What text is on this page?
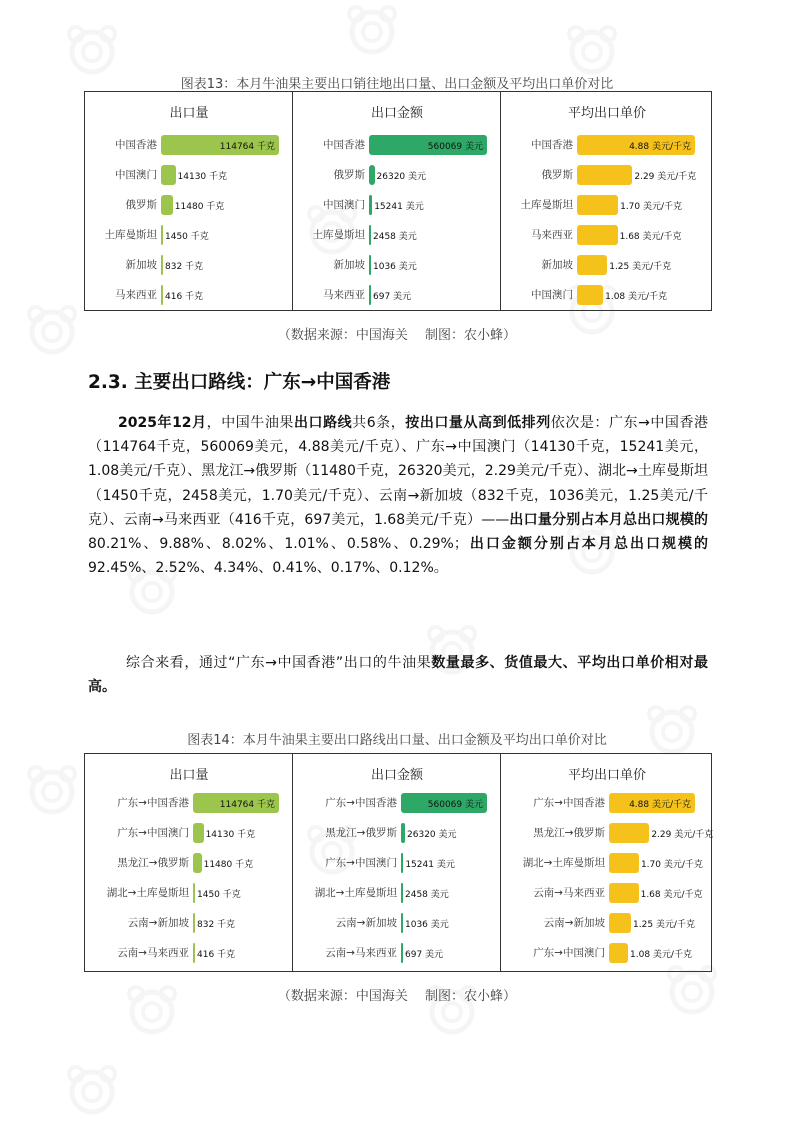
图表13：本月牛油果主要出口销往地出口量、出口金额及平均出口单价对比
出口量
中国香港	114764 千克
中国澳门 14130 千克
俄罗斯 11480 千克
土库曼斯坦 1450 千克
新加坡 832 千克
马来西亚 416 千克
出口金额
中国香港	560069 美元
俄罗斯 26320 美元
中国澳门 15241 美元
土库曼斯坦 2458 美元
新加坡 1036 美元
马来西亚 697 美元
平均出口单价
中国香港	4.88 美元/千克
俄罗斯	2.29 美元/千克
土库曼斯坦	1.70 美元/千克
马来西亚	1.68 美元/千克
新加坡	1.25 美元/千克
中国澳门	1.08 美元/千克
（数据来源：中国海关　 制图：农小蜂）
2.3. 主要出口路线：广东→中国香港
2025年12月，中国牛油果出口路线共6条，按出口量从高到低排列依次是：广东→中国香港（114764千克，560069美元，4.88美元/千克）、广东→中国澳门（14130千克，15241美元，1.08美元/千克）、黑龙江→俄罗斯（11480千克，26320美元，2.29美元/千克）、湖北→土库曼斯坦（1450千克，2458美元，1.70美元/千克）、云南→新加坡（832千克，1036美元，1.25美元/千克）、云南→马来西亚（416千克，697美元，1.68美元/千克）——出口量分别占本月总出口规模的80.21%、9.88%、8.02%、1.01%、0.58%、0.29%；出口金额分别占本月总出口规模的92.45%、2.52%、4.34%、0.41%、0.17%、0.12%。
综合来看，通过“广东→中国香港”出口的牛油果数量最多、货值最大、平均出口单价相对最高。
图表14：本月牛油果主要出口路线出口量、出口金额及平均出口单价对比
出口量
广东→中国香港	114764 千克
广东→中国澳门 14130 千克
黑龙江→俄罗斯 11480 千克
湖北→土库曼斯坦 1450 千克
云南→新加坡 832 千克
云南→马来西亚 416 千克
出口金额
广东→中国香港	560069 美元
黑龙江→俄罗斯 26320 美元
广东→中国澳门 15241 美元
湖北→土库曼斯坦 2458 美元
云南→新加坡 1036 美元
云南→马来西亚 697 美元
平均出口单价
广东→中国香港	4.88 美元/千克
黑龙江→俄罗斯	2.29 美元/千克
湖北→土库曼斯坦	1.70 美元/千克
云南→马来西亚	1.68 美元/千克
云南→新加坡	1.25 美元/千克
广东→中国澳门	1.08 美元/千克
（数据来源：中国海关　 制图：农小蜂）
